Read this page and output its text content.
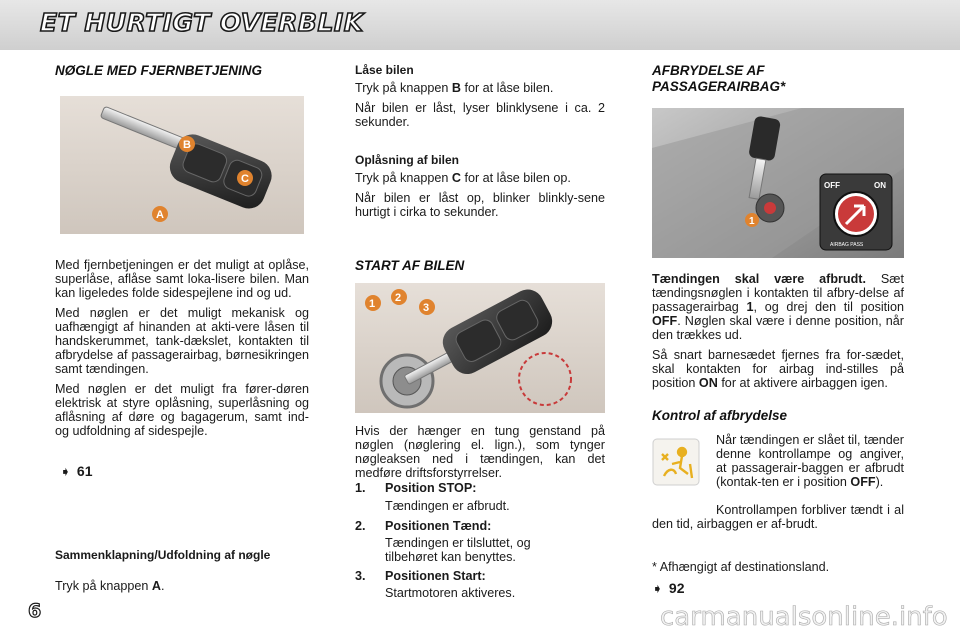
ET HURTIGT OVERBLIK
NØGLE MED FJERNBETJENING
A
B
C

Med fjernbetjeningen er det muligt at oplåse, superlåse, aflåse samt loka-lisere bilen. Man kan ligeledes folde sidespejlene ind og ud.

Med nøglen er det muligt mekanisk og uafhængigt af hinanden at akti-vere låsen til handskerummet, tank-dækslet, kontakten til afbrydelse af passagerairbag, børnesikringen samt tændingen.

Med nøglen er det muligt fra fører-døren elektrisk at styre oplåsning, superlåsning og aflåsning af døre og bagagerum, samt ind- og udfoldning af sidespejle.

➧ 61
Sammenklapning/Udfoldning af nøgle
Tryk på knappen A.
Låse bilen

Tryk på knappen B for at låse bilen.

Når bilen er låst, lyser blinklysene i ca. 2 sekunder.

Oplåsning af bilen

Tryk på knappen C for at låse bilen op.

Når bilen er låst op, blinker blinkly-sene hurtigt i cirka to sekunder.

START AF BILEN
1 2
3
Hvis der hænger en tung genstand på nøglen (nøglering el. lign.), som tynger nøgleaksen ned i tændingen, kan det medføre driftsforstyrrelser.
1. Position STOP:
Tændingen er afbrudt.
2. Positionen Tænd:
Tændingen er tilsluttet, og tilbehøret kan benyttes.
3. Positionen Start:
Startmotoren aktiveres.
AFBRYDELSE AF
PASSAGERAIRBAG*
1
OFF	ON
AIRBAG PASS

Tændingen skal være afbrudt. Sæt tændingsnøglen i kontakten til afbry-delse af passagerairbag 1, og drej den til position OFF. Nøglen skal være i denne position, når den trækkes ud.

Så snart barnesædet fjernes fra for-sædet, skal kontakten for airbag ind-stilles på position ON for at aktivere airbaggen igen.

Kontrol af afbrydelse
Når tændingen er slået til, tænder denne kontrollampe og angiver, at passagerair-baggen er afbrudt (kontak-ten er i position OFF).
Kontrollampen forbliver tændt i al den tid, airbaggen er af-brudt.
* Afhængigt af destinationsland.
➧ 92
6	carmanualsonline.info
